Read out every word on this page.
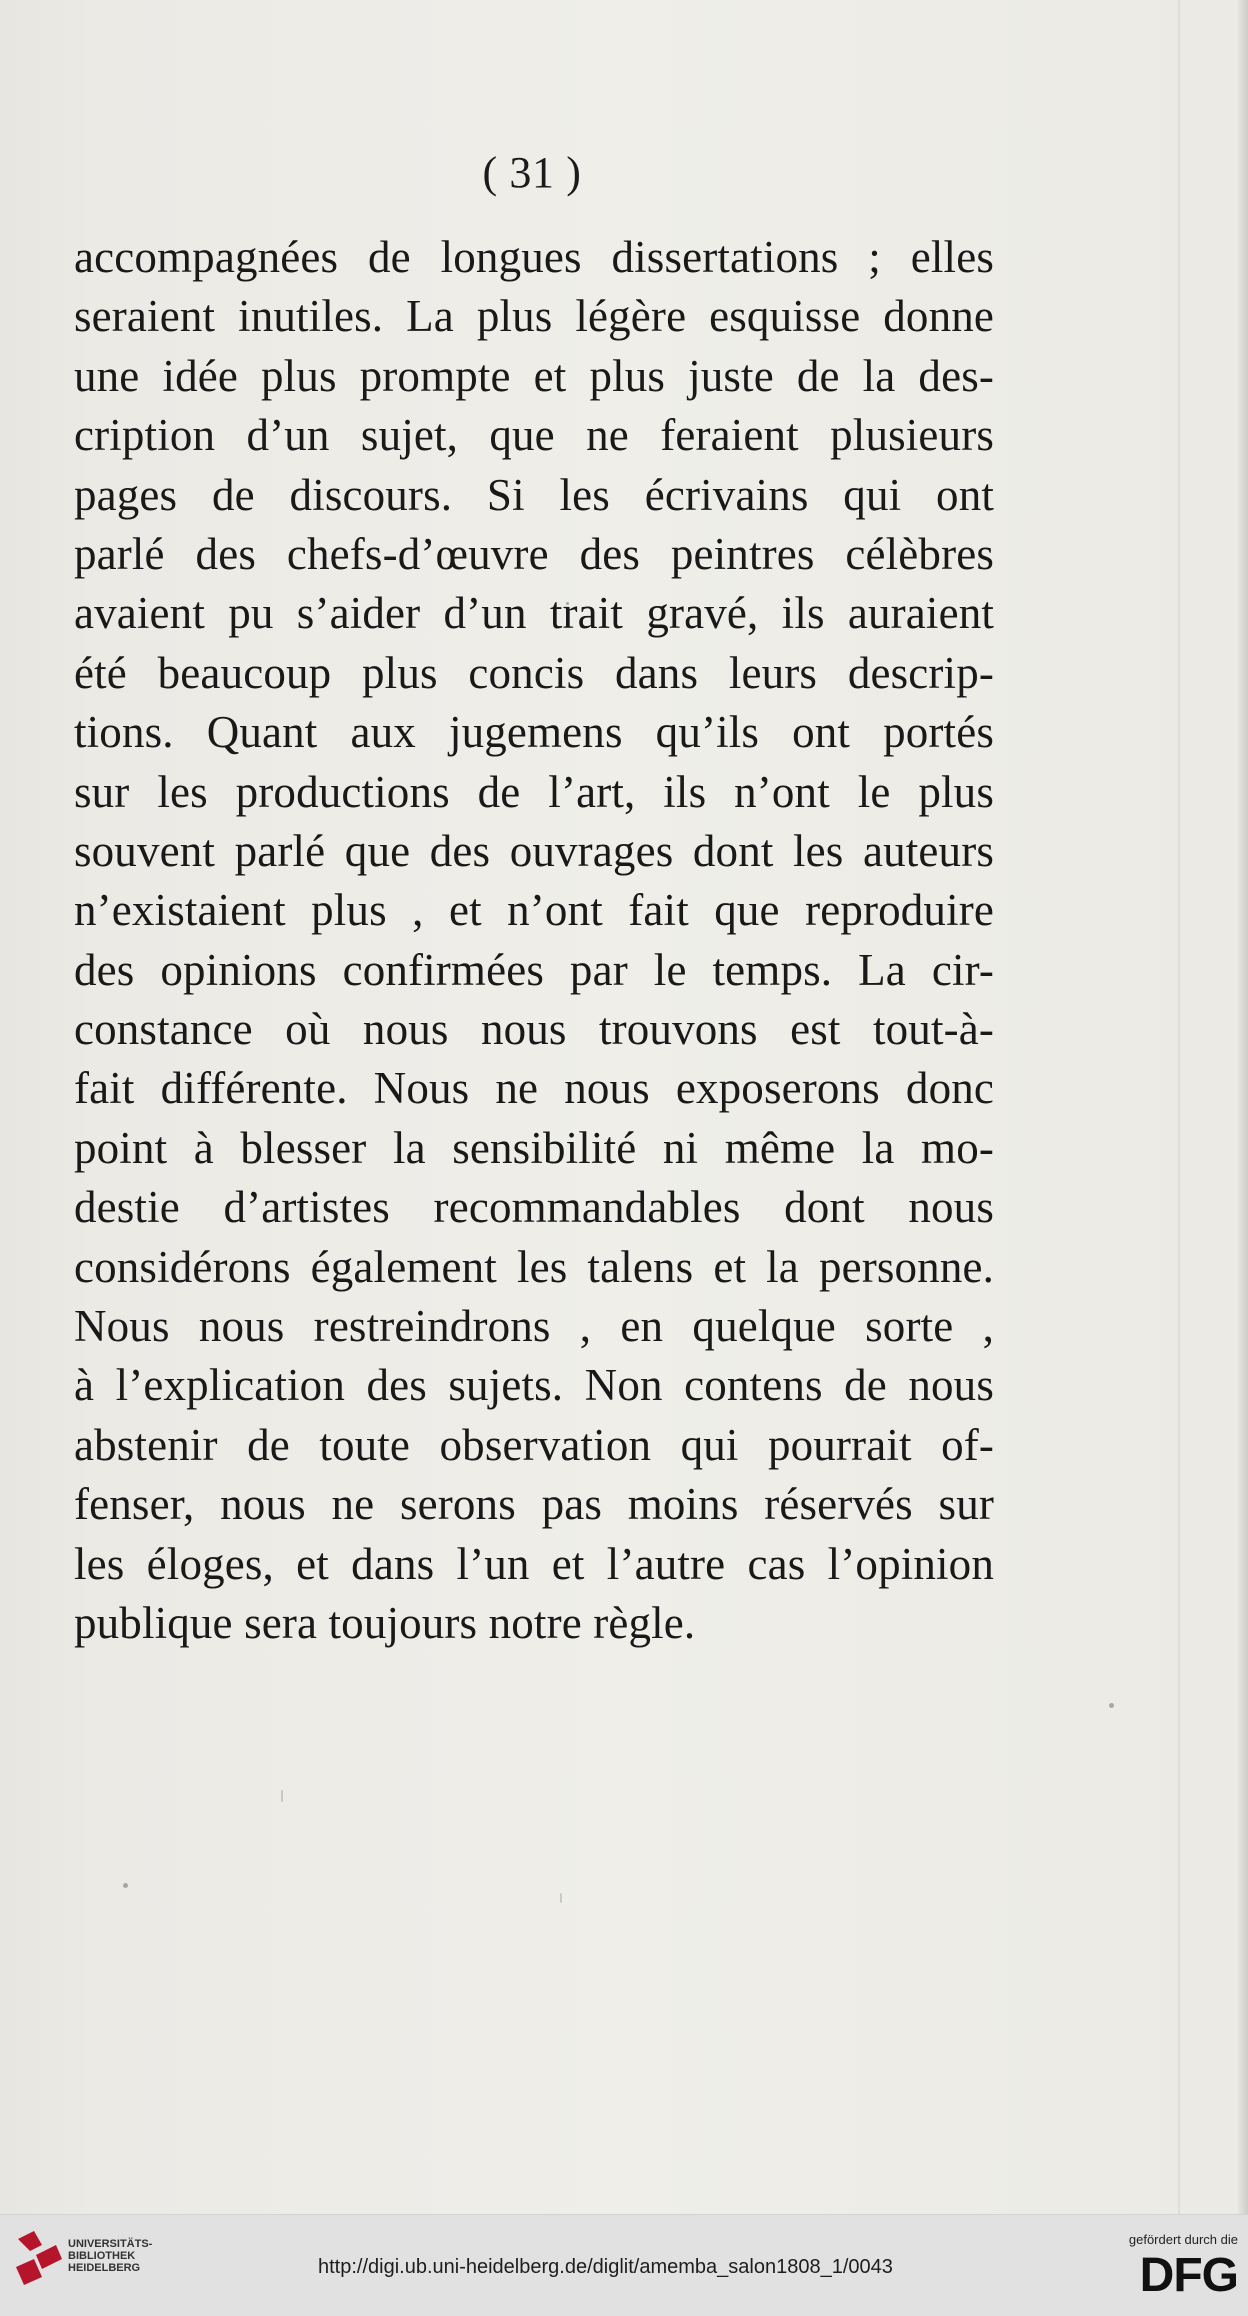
( 31 )
accompagnées de longues dissertations ; elles
seraient inutiles. La plus légère esquisse donne
une idée plus prompte et plus juste de la des-
cription d’un sujet, que ne feraient plusieurs
pages de discours. Si les écrivains qui ont
parlé des chefs-d’œuvre des peintres célèbres
avaient pu s’aider d’un trait gravé, ils auraient
été beaucoup plus concis dans leurs descrip-
tions. Quant aux jugemens qu’ils ont portés
sur les productions de l’art, ils n’ont le plus
souvent parlé que des ouvrages dont les auteurs
n’existaient plus , et n’ont fait que reproduire
des opinions confirmées par le temps. La cir-
constance où nous nous trouvons est tout-à-
fait différente. Nous ne nous exposerons donc
point à blesser la sensibilité ni même la mo-
destie d’artistes recommandables dont nous
considérons également les talens et la personne.
Nous nous restreindrons , en quelque sorte ,
à l’explication des sujets. Non contens de nous
abstenir de toute observation qui pourrait of-
fenser, nous ne serons pas moins réservés sur
les éloges, et dans l’un et l’autre cas l’opinion
publique sera toujours notre règle.
UNIVERSITÄTS-
BIBLIOTHEK
HEIDELBERG	http://digi.ub.uni-heidelberg.de/diglit/amemba_salon1808_1/0043
gefördert durch die
DFG
